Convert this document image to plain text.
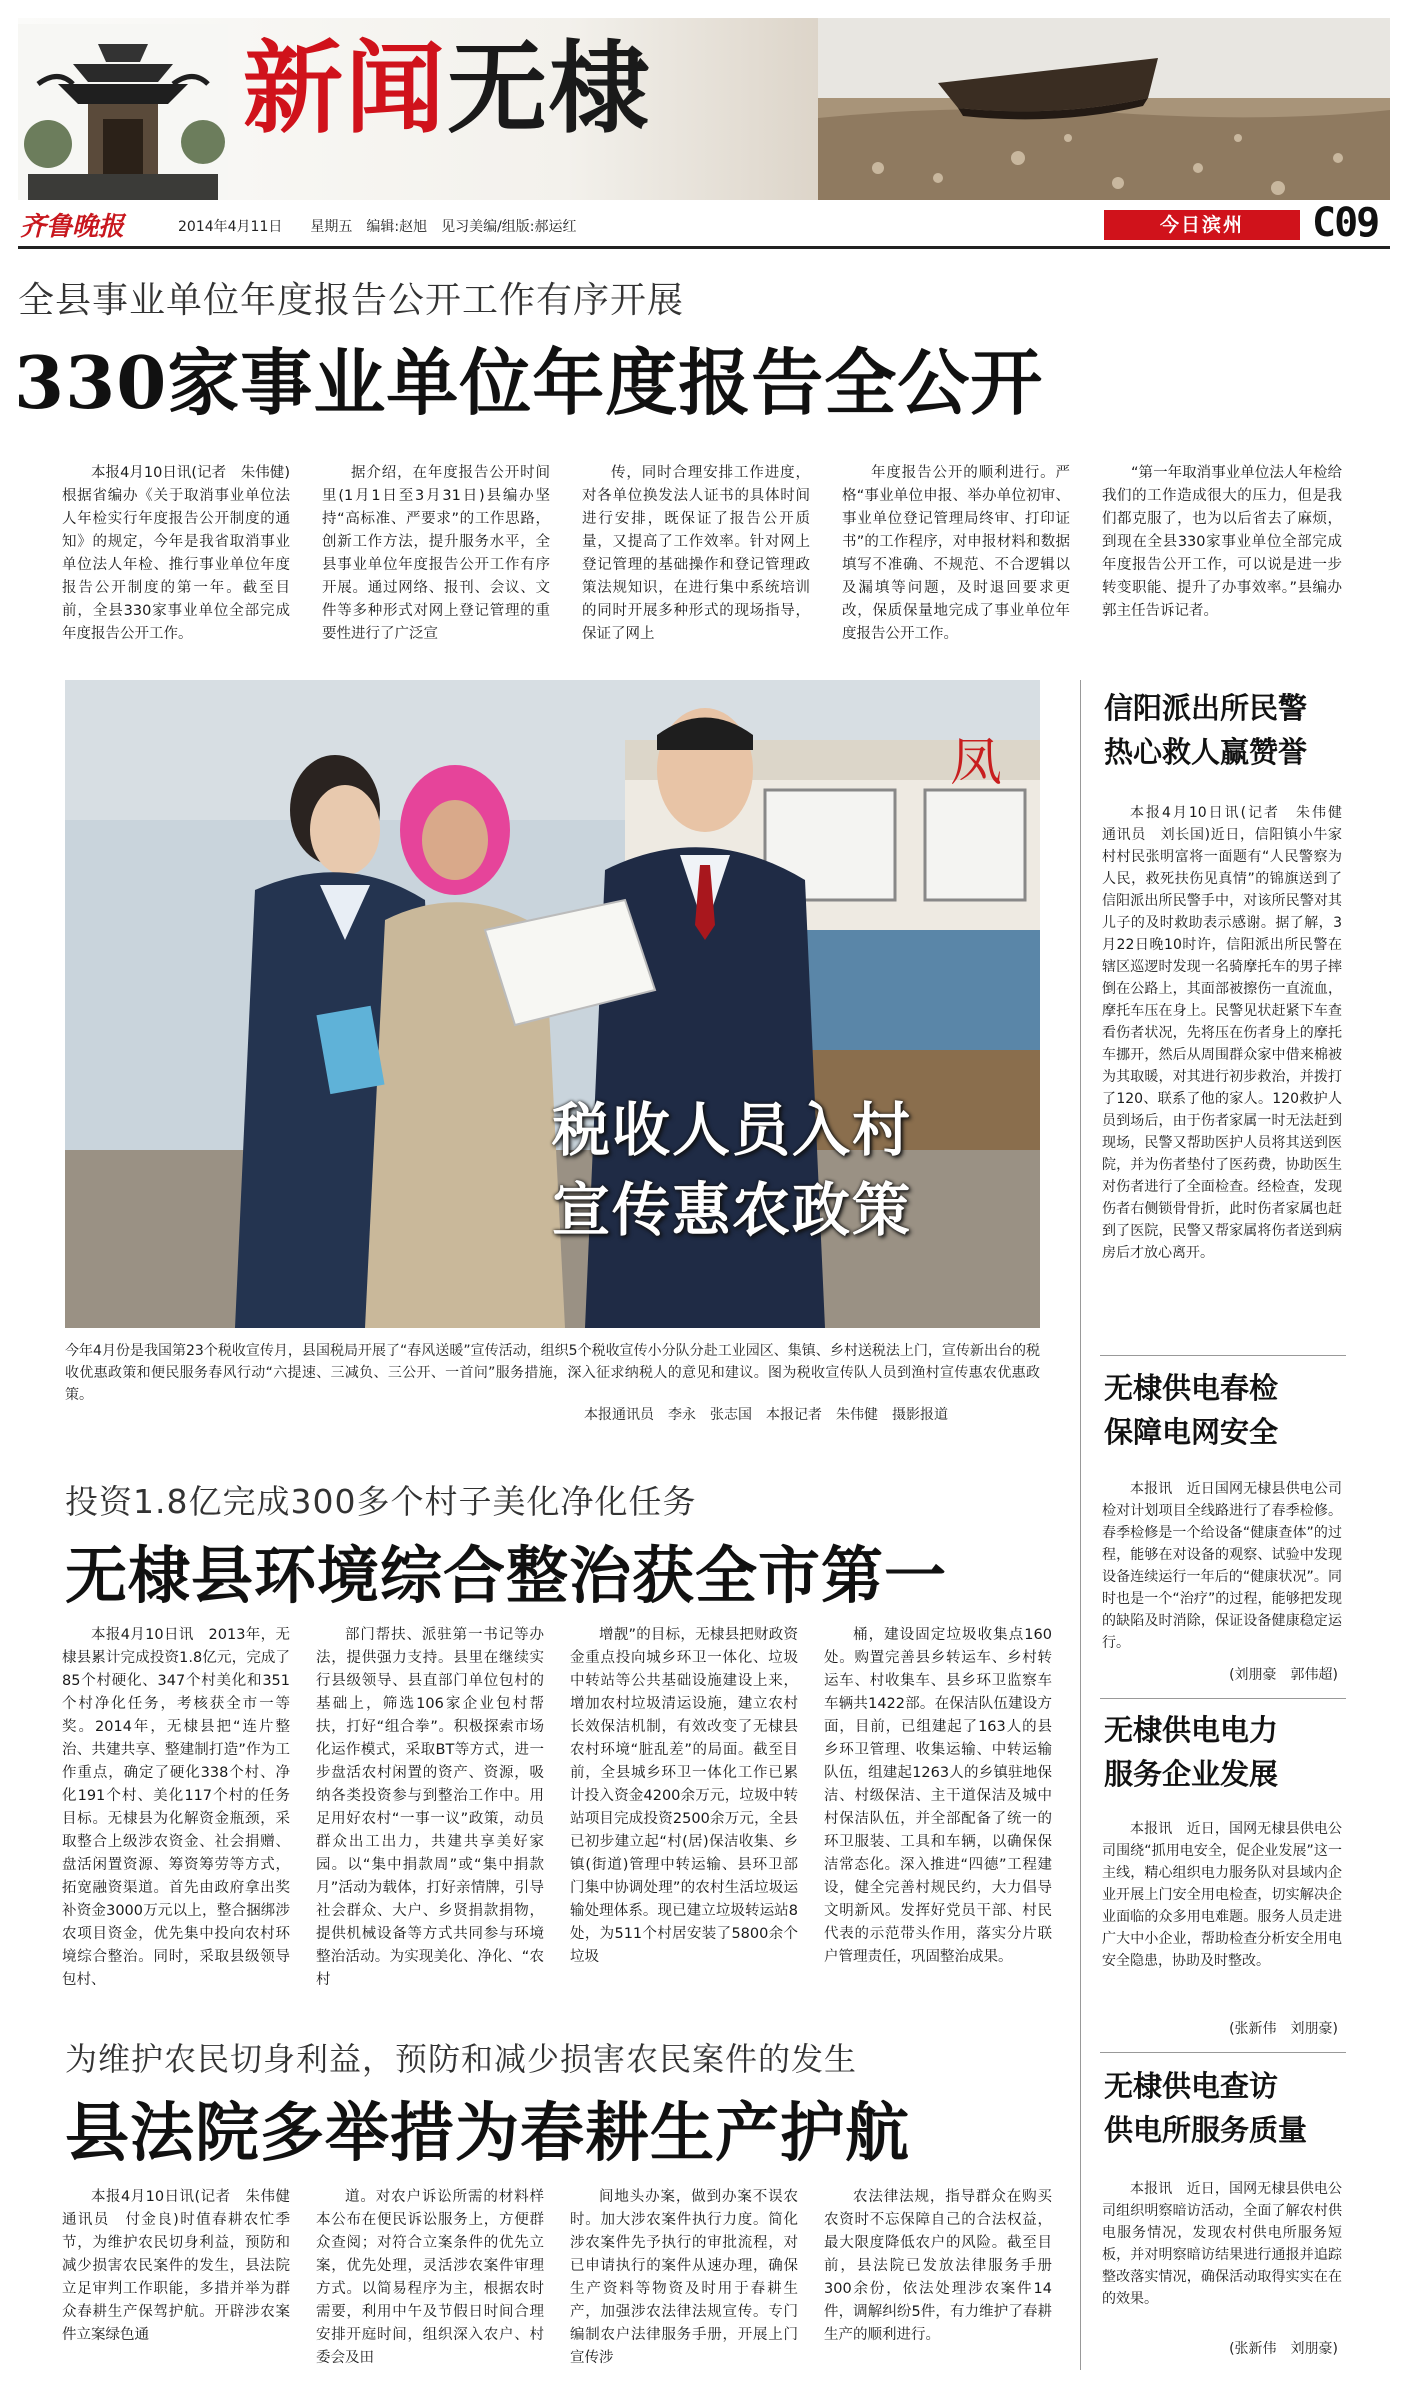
新闻无棣
齐鲁晚报	2014年4月11日　　 星期五　 编辑:赵旭　 见习美编/组版:郝运红	今日滨州	C09
全县事业单位年度报告公开工作有序开展
330家事业单位年度报告全公开

本报4月10日讯(记者　朱伟健)根据省编办《关于取消事业单位法人年检实行年度报告公开制度的通知》的规定，今年是我省取消事业单位法人年检、推行事业单位年度报告公开制度的第一年。截至目前，全县330家事业单位全部完成年度报告公开工作。

据介绍，在年度报告公开时间里(1月1日至3月31日)县编办坚持“高标准、严要求”的工作思路，创新工作方法，提升服务水平，全县事业单位年度报告公开工作有序开展。通过网络、报刊、会议、文件等多种形式对网上登记管理的重要性进行了广泛宣

传，同时合理安排工作进度，对各单位换发法人证书的具体时间进行安排，既保证了报告公开质量，又提高了工作效率。针对网上登记管理的基础操作和登记管理政策法规知识，在进行集中系统培训的同时开展多种形式的现场指导，保证了网上

年度报告公开的顺利进行。严格“事业单位申报、举办单位初审、事业单位登记管理局终审、打印证书”的工作程序，对申报材料和数据填写不准确、不规范、不合逻辑以及漏填等问题，及时退回要求更改，保质保量地完成了事业单位年度报告公开工作。

“第一年取消事业单位法人年检给我们的工作造成很大的压力，但是我们都克服了，也为以后省去了麻烦，到现在全县330家事业单位全部完成年度报告公开工作，可以说是进一步转变职能、提升了办事效率。”县编办郭主任告诉记者。

凤
税收人员入村
宣传惠农政策
今年4月份是我国第23个税收宣传月，县国税局开展了“春风送暖”宣传活动，组织5个税收宣传小分队分赴工业园区、集镇、乡村送税法上门，宣传新出台的税收优惠政策和便民服务春风行动“六提速、三减负、三公开、一首问”服务措施，深入征求纳税人的意见和建议。图为税收宣传队人员到渔村宣传惠农优惠政策。
本报通讯员　李永　张志国　本报记者　朱伟健　摄影报道
投资1.8亿完成300多个村子美化净化任务
无棣县环境综合整治获全市第一

本报4月10日讯　2013年，无棣县累计完成投资1.8亿元，完成了85个村硬化、347个村美化和351个村净化任务，考核获全市一等奖。2014年，无棣县把“连片整治、共建共享、整建制打造”作为工作重点，确定了硬化338个村、净化191个村、美化117个村的任务目标。无棣县为化解资金瓶颈，采取整合上级涉农资金、社会捐赠、盘活闲置资源、筹资筹劳等方式，拓宽融资渠道。首先由政府拿出奖补资金3000万元以上，整合捆绑涉农项目资金，优先集中投向农村环境综合整治。同时，采取县级领导包村、

部门帮扶、派驻第一书记等办法，提供强力支持。县里在继续实行县级领导、县直部门单位包村的基础上，筛选106家企业包村帮扶，打好“组合拳”。积极探索市场化运作模式，采取BT等方式，进一步盘活农村闲置的资产、资源，吸纳各类投资参与到整治工作中。用足用好农村“一事一议”政策，动员群众出工出力，共建共享美好家园。以“集中捐款周”或“集中捐款月”活动为载体，打好亲情牌，引导社会群众、大户、乡贤捐款捐物，提供机械设备等方式共同参与环境整治活动。为实现美化、净化、“农村

增靓”的目标，无棣县把财政资金重点投向城乡环卫一体化、垃圾中转站等公共基础设施建设上来，增加农村垃圾清运设施，建立农村长效保洁机制，有效改变了无棣县农村环境“脏乱差”的局面。截至目前，全县城乡环卫一体化工作已累计投入资金4200余万元，垃圾中转站项目完成投资2500余万元，全县已初步建立起“村(居)保洁收集、乡镇(街道)管理中转运输、县环卫部门集中协调处理”的农村生活垃圾运输处理体系。现已建立垃圾转运站8处，为511个村居安装了5800余个垃圾

桶，建设固定垃圾收集点160处。购置完善县乡转运车、乡村转运车、村收集车、县乡环卫监察车车辆共1422部。在保洁队伍建设方面，目前，已组建起了163人的县乡环卫管理、收集运输、中转运输队伍，组建起1263人的乡镇驻地保洁、村级保洁、主干道保洁及城中村保洁队伍，并全部配备了统一的环卫服装、工具和车辆，以确保保洁常态化。深入推进“四德”工程建设，健全完善村规民约，大力倡导文明新风。发挥好党员干部、村民代表的示范带头作用，落实分片联户管理责任，巩固整治成果。

为维护农民切身利益，预防和减少损害农民案件的发生
县法院多举措为春耕生产护航

本报4月10日讯(记者　朱伟健　通讯员　付金良)时值春耕农忙季节，为维护农民切身利益，预防和减少损害农民案件的发生，县法院立足审判工作职能，多措并举为群众春耕生产保驾护航。开辟涉农案件立案绿色通

道。对农户诉讼所需的材料样本公布在便民诉讼服务上，方便群众查阅；对符合立案条件的优先立案，优先处理，灵活涉农案件审理方式。以简易程序为主，根据农时需要，利用中午及节假日时间合理安排开庭时间，组织深入农户、村委会及田

间地头办案，做到办案不误农时。加大涉农案件执行力度。简化涉农案件先予执行的审批流程，对已申请执行的案件从速办理，确保生产资料等物资及时用于春耕生产，加强涉农法律法规宣传。专门编制农户法律服务手册，开展上门宣传涉

农法律法规，指导群众在购买农资时不忘保障自己的合法权益，最大限度降低农户的风险。截至目前，县法院已发放法律服务手册300余份，依法处理涉农案件14件，调解纠纷5件，有力维护了春耕生产的顺利进行。

信阳派出所民警
热心救人赢赞誉

本报4月10日讯(记者　朱伟健　通讯员　刘长国)近日，信阳镇小牛家村村民张明富将一面题有“人民警察为人民，救死扶伤见真情”的锦旗送到了信阳派出所民警手中，对该所民警对其儿子的及时救助表示感谢。据了解，3月22日晚10时许，信阳派出所民警在辖区巡逻时发现一名骑摩托车的男子摔倒在公路上，其面部被擦伤一直流血，摩托车压在身上。民警见状赶紧下车查看伤者状况，先将压在伤者身上的摩托车挪开，然后从周围群众家中借来棉被为其取暖，对其进行初步救治，并拨打了120、联系了他的家人。120救护人员到场后，由于伤者家属一时无法赶到现场，民警又帮助医护人员将其送到医院，并为伤者垫付了医药费，协助医生对伤者进行了全面检查。经检查，发现伤者右侧锁骨骨折，此时伤者家属也赶到了医院，民警又帮家属将伤者送到病房后才放心离开。

无棣供电春检
保障电网安全

本报讯　近日国网无棣县供电公司检对计划项目全线路进行了春季检修。春季检修是一个给设备“健康查体”的过程，能够在对设备的观察、试验中发现设备连续运行一年后的“健康状况”。同时也是一个“治疗”的过程，能够把发现的缺陷及时消除，保证设备健康稳定运行。

(刘朋豪　郭伟超)
无棣供电电力
服务企业发展

本报讯　近日，国网无棣县供电公司围绕“抓用电安全，促企业发展”这一主线，精心组织电力服务队对县域内企业开展上门安全用电检查，切实解决企业面临的众多用电难题。服务人员走进广大中小企业，帮助检查分析安全用电安全隐患，协助及时整改。

(张新伟　刘朋豪)
无棣供电查访
供电所服务质量

本报讯　近日，国网无棣县供电公司组织明察暗访活动，全面了解农村供电服务情况，发现农村供电所服务短板，并对明察暗访结果进行通报并追踪整改落实情况，确保活动取得实实在在的效果。

(张新伟　刘朋豪)
